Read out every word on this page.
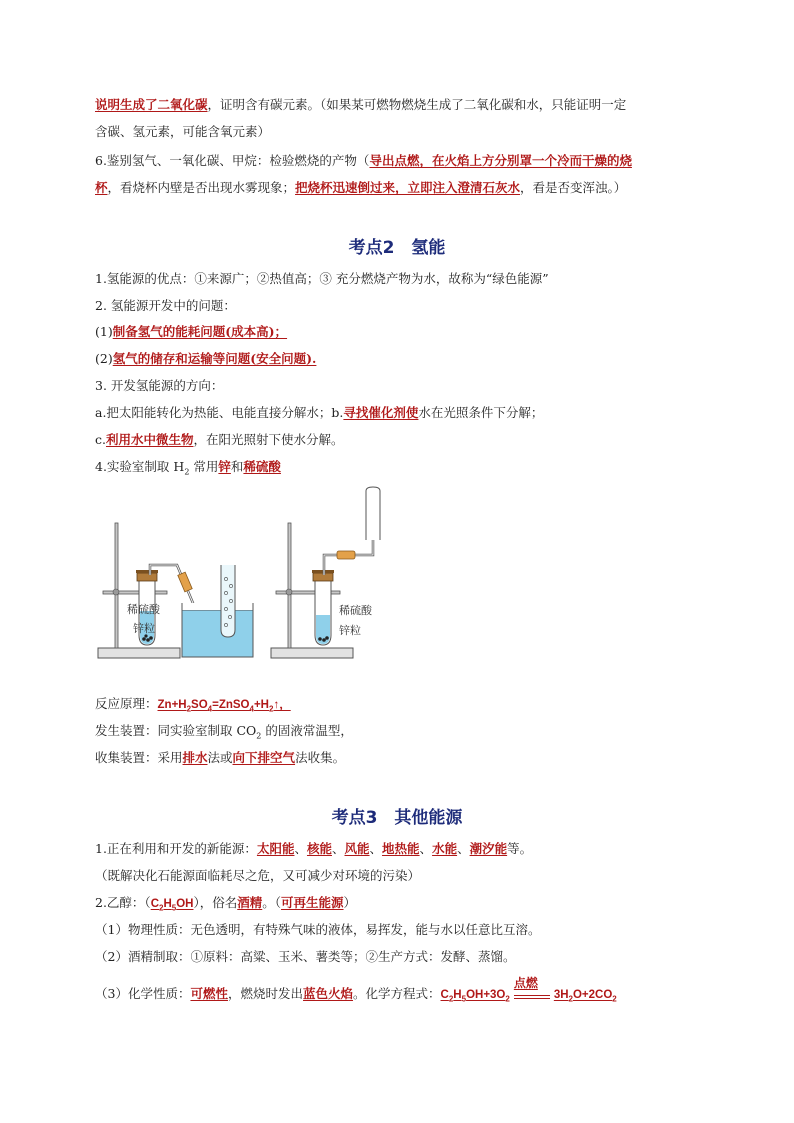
说明生成了二氧化碳，证明含有碳元素。（如果某可燃物燃烧生成了二氧化碳和水，只能证明一定
含碳、氢元素，可能含氧元素）
6.鉴别氢气、一氧化碳、甲烷：检验燃烧的产物（导出点燃，在火焰上方分别罩一个冷而干燥的烧
杯，看烧杯内壁是否出现水雾现象；把烧杯迅速倒过来，立即注入澄清石灰水，看是否变浑浊。）
考点2　氢能
1.氢能源的优点：①来源广；②热值高；③ 充分燃烧产物为水，故称为“绿色能源”
2. 氢能源开发中的问题：
(1)制备氢气的能耗问题(成本高)；
(2)氢气的储存和运输等问题(安全问题).
3. 开发氢能源的方向：
a.把太阳能转化为热能、电能直接分解水；b.寻找催化剂使水在光照条件下分解；
c.利用水中微生物，在阳光照射下使水分解。
4.实验室制取 $H_2$ 常用锌和稀硫酸
稀硫酸
锌粒
稀硫酸
锌粒
反应原理：$Zn+H_2SO_4=ZnSO_4+H_2↑$，
发生装置：同实验室制取 $CO_2$ 的固液常温型，
收集装置：采用排水法或向下排空气法收集。
考点3　其他能源
1.正在利用和开发的新能源：太阳能、核能、风能、地热能、水能、潮汐能等。
（既解决化石能源面临耗尽之危，又可减少对环境的污染）
2.乙醇：$(C_2H_5OH)$，俗名酒精。（可再生能源）
（1）物理性质：无色透明，有特殊气味的液体，易挥发，能与水以任意比互溶。
（2）酒精制取：①原料：高粱、玉米、薯类等；②生产方式：发酵、蒸馏。
（3）化学性质：可燃性，燃烧时发出蓝色火焰。化学方程式：$C_2H_5OH+3O_2$
点燃
$3H_2O+2CO_2$
